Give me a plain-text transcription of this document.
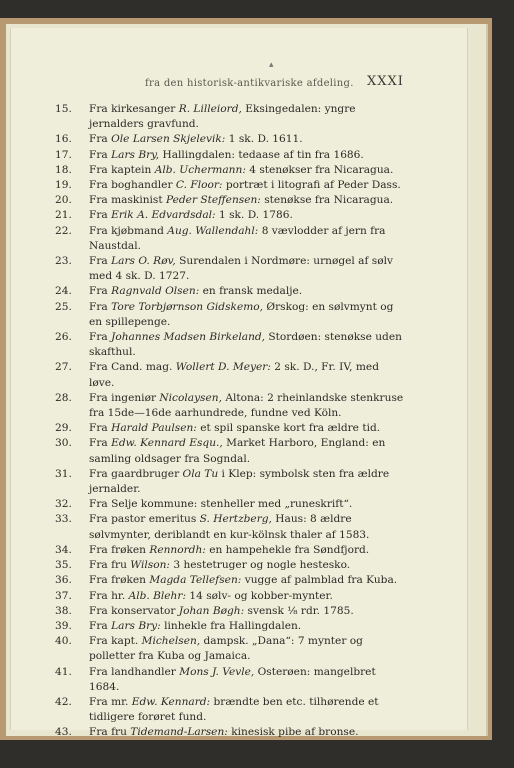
▴
fra den historisk-antikvariske afdeling. XXXI
15.	Fra kirkesanger R. Lilleiord, Eksingedalen: yngre jernalders gravfund.
16.	Fra Ole Larsen Skjelevik: 1 sk. D. 1611.
17.	Fra Lars Bry, Hallingdalen: tedaase af tin fra 1686.
18.	Fra kaptein Alb. Uchermann: 4 stenøkser fra Nicaragua.
19.	Fra boghandler C. Floor: portræt i litografi af Peder Dass.
20.	Fra maskinist Peder Steffensen: stenøkse fra Nicaragua.
21.	Fra Erik A. Edvardsdal: 1 sk. D. 1786.
22.	Fra kjøbmand Aug. Wallendahl: 8 vævlodder af jern fra Naustdal.
23.	Fra Lars O. Røv, Surendalen i Nordmøre: urnøgel af sølv med 4 sk. D. 1727.
24.	Fra Ragnvald Olsen: en fransk medalje.
25.	Fra Tore Torbjørnson Gidskemo, Ørskog: en sølvmynt og en spillepenge.
26.	Fra Johannes Madsen Birkeland, Stordøen: stenøkse uden skafthul.
27.	Fra Cand. mag. Wollert D. Meyer: 2 sk. D., Fr. IV, med løve.
28.	Fra ingeniør Nicolaysen, Altona: 2 rheinlandske stenkruse fra 15de—16de aarhundrede, fundne ved Köln.
29.	Fra Harald Paulsen: et spil spanske kort fra ældre tid.
30.	Fra Edw. Kennard Esqu., Market Harboro, England: en samling oldsager fra Sogndal.
31.	Fra gaardbruger Ola Tu i Klep: symbolsk sten fra ældre jernalder.
32.	Fra Selje kommune: stenheller med „runeskrift“.
33.	Fra pastor emeritus S. Hertzberg, Haus: 8 ældre sølvmynter, deriblandt en kur-kölnsk thaler af 1583.
34.	Fra frøken Rennordh: en hampehekle fra Søndfjord.
35.	Fra fru Wilson: 3 hestetruger og nogle hestesko.
36.	Fra frøken Magda Tellefsen: vugge af palmblad fra Kuba.
37.	Fra hr. Alb. Blehr: 14 sølv- og kobber-mynter.
38.	Fra konservator Johan Bøgh: svensk ⅟₈ rdr. 1785.
39.	Fra Lars Bry: linhekle fra Hallingdalen.
40.	Fra kapt. Michelsen, dampsk. „Dana“: 7 mynter og polletter fra Kuba og Jamaica.
41.	Fra landhandler Mons J. Vevle, Osterøen: mangelbret 1684.
42.	Fra mr. Edw. Kennard: brændte ben etc. tilhørende et tidligere forøret fund.
43.	Fra fru Tidemand-Larsen: kinesisk pibe af bronse.
